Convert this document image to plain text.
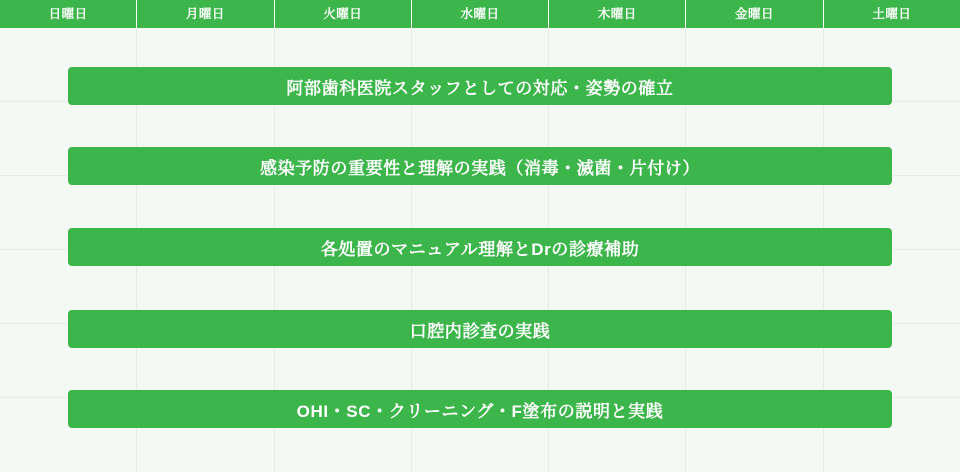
日曜日	月曜日	火曜日	水曜日	木曜日	金曜日	土曜日
阿部歯科医院スタッフとしての対応・姿勢の確立
感染予防の重要性と理解の実践（消毒・滅菌・片付け）
各処置のマニュアル理解とDrの診療補助
口腔内診査の実践
OHI・SC・クリーニング・F塗布の説明と実践
